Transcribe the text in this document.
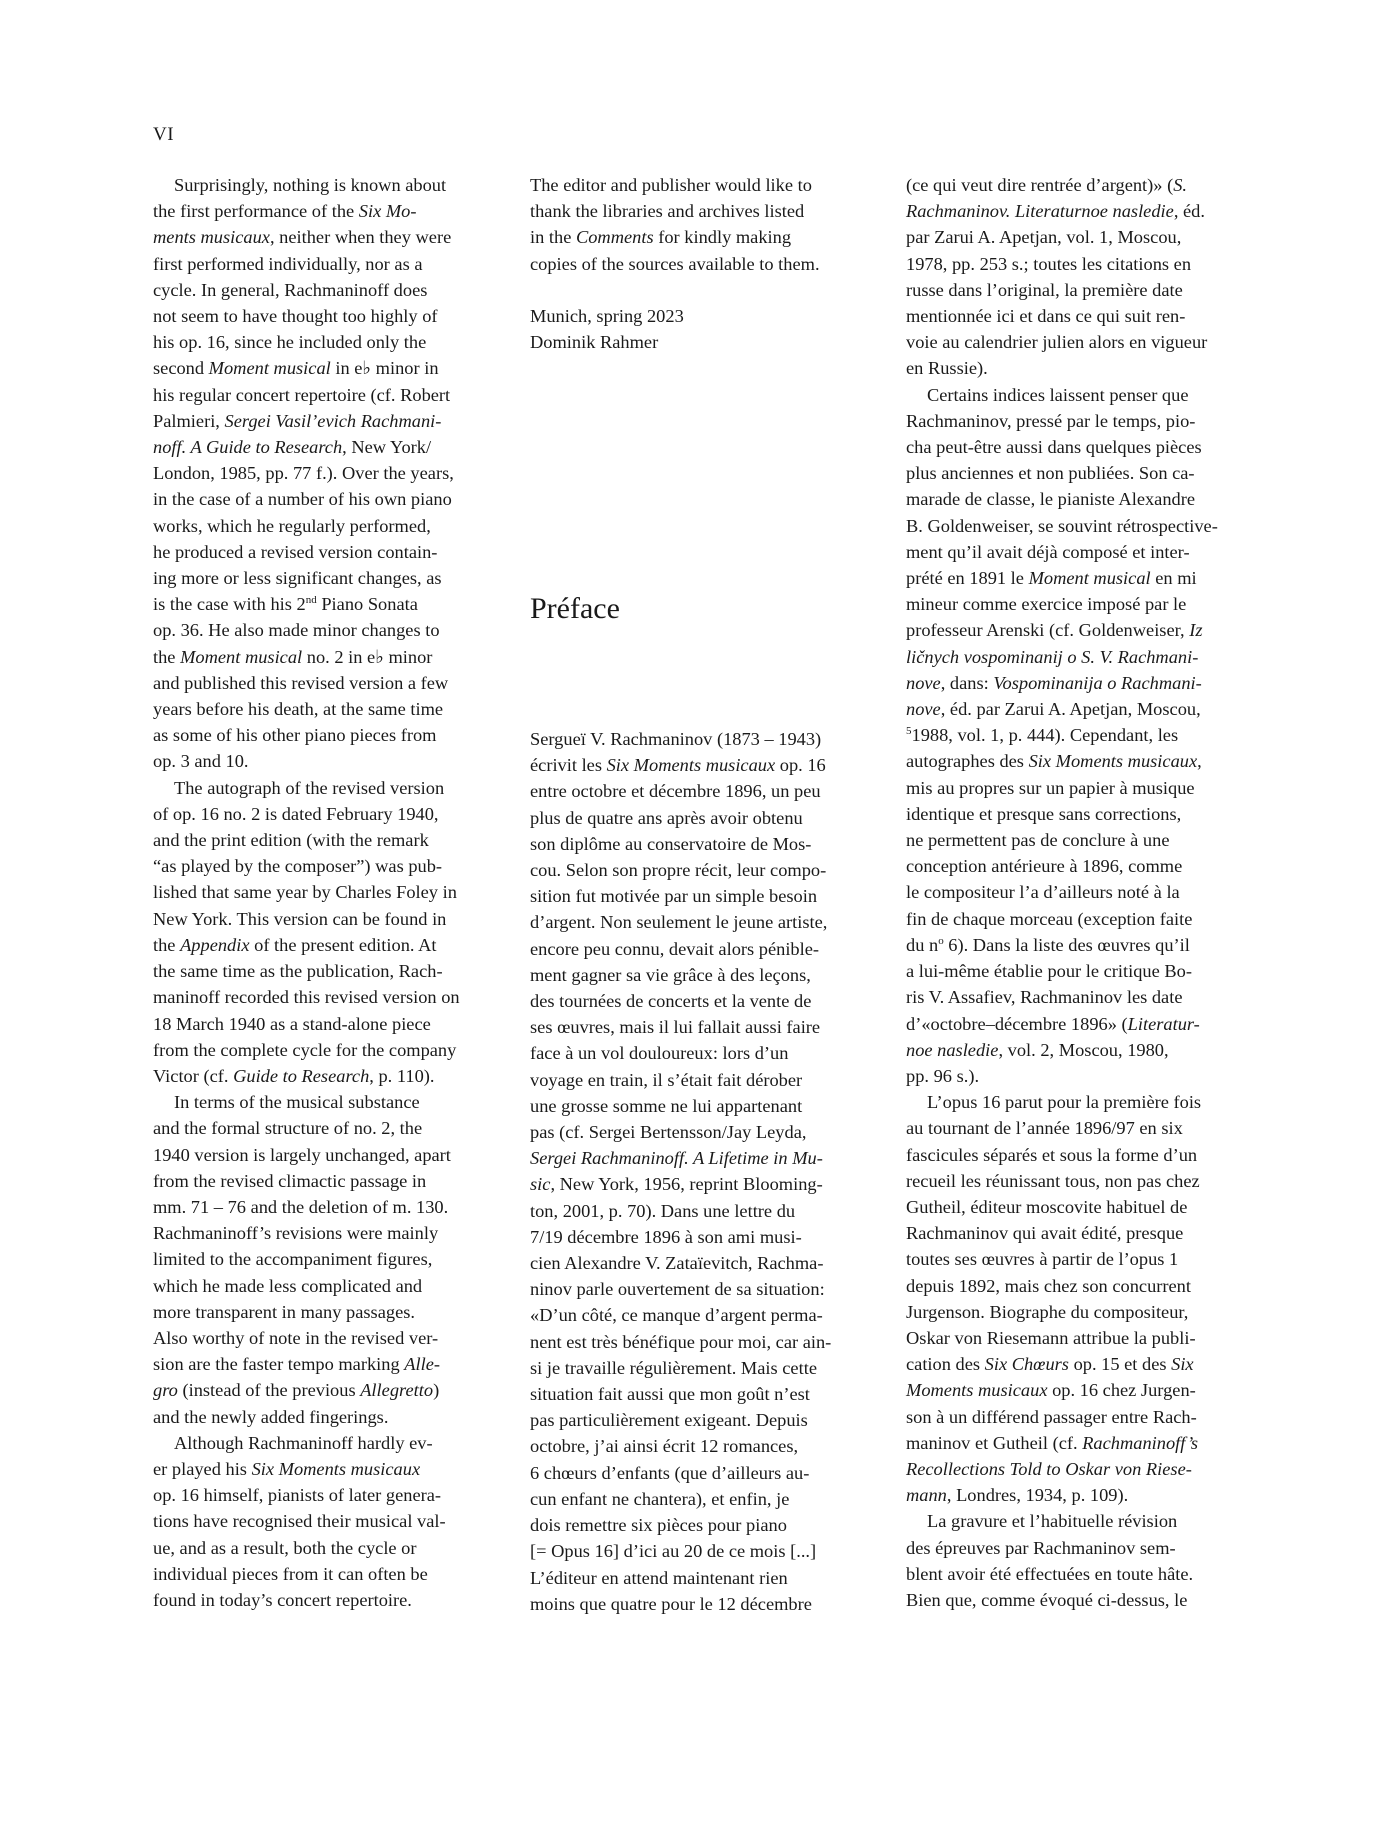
VI
Surprisingly, nothing is known about
the first performance of the Six Mo-
ments musicaux, neither when they were
first performed individually, nor as a
cycle. In general, Rachmaninoff does
not seem to have thought too highly of
his op. 16, since he included only the
second Moment musical in e♭ minor in
his regular concert repertoire (cf. Robert
Palmieri, Sergei Vasil’evich Rachmani-
noff. A Guide to Research, New York/
London, 1985, pp. 77 f.). Over the years,
in the case of a number of his own piano
works, which he regularly performed,
he produced a revised version contain-
ing more or less significant changes, as
is the case with his 2nd Piano Sonata
op. 36. He also made minor changes to
the Moment musical no. 2 in e♭ minor
and published this revised version a few
years before his death, at the same time
as some of his other piano pieces from
op. 3 and 10.
The autograph of the revised version
of op. 16 no. 2 is dated February 1940,
and the print edition (with the remark
“as played by the composer”) was pub-
lished that same year by Charles Foley in
New York. This version can be found in
the Appendix of the present edition. At
the same time as the publication, Rach-
maninoff recorded this revised version on
18 March 1940 as a stand-alone piece
from the complete cycle for the company
Victor (cf. Guide to Research, p. 110).
In terms of the musical substance
and the formal structure of no. 2, the
1940 version is largely unchanged, apart
from the revised climactic passage in
mm. 71 – 76 and the deletion of m. 130.
Rachmaninoff’s revisions were mainly
limited to the accompaniment figures,
which he made less complicated and
more transparent in many passages.
Also worthy of note in the revised ver-
sion are the faster tempo marking Alle-
gro (instead of the previous Allegretto)
and the newly added fingerings.
Although Rachmaninoff hardly ev-
er played his Six Moments musicaux
op. 16 himself, pianists of later genera-
tions have recognised their musical val-
ue, and as a result, both the cycle or
individual pieces from it can often be
found in today’s concert repertoire.
The editor and publisher would like to
thank the libraries and archives listed
in the Comments for kindly making
copies of the sources available to them.
Munich, spring 2023
Dominik Rahmer
Préface
Sergueï V. Rachmaninov (1873 – 1943)
écrivit les Six Moments musicaux op. 16
entre octobre et décembre 1896, un peu
plus de quatre ans après avoir obtenu
son diplôme au conservatoire de Mos-
cou. Selon son propre récit, leur compo-
sition fut motivée par un simple besoin
d’argent. Non seulement le jeune artiste,
encore peu connu, devait alors pénible-
ment gagner sa vie grâce à des leçons,
des tournées de concerts et la vente de
ses œuvres, mais il lui fallait aussi faire
face à un vol douloureux: lors d’un
voyage en train, il s’était fait dérober
une grosse somme ne lui appartenant
pas (cf. Sergei Bertensson/Jay Leyda,
Sergei Rachmaninoff. A Lifetime in Mu-
sic, New York, 1956, reprint Blooming-
ton, 2001, p. 70). Dans une lettre du
7/19 décembre 1896 à son ami musi-
cien Alexandre V. Zataïevitch, Rachma-
ninov parle ouvertement de sa situation:
«D’un côté, ce manque d’argent perma-
nent est très bénéfique pour moi, car ain-
si je travaille régulièrement. Mais cette
situation fait aussi que mon goût n’est
pas particulièrement exigeant. Depuis
octobre, j’ai ainsi écrit 12 romances,
6 chœurs d’enfants (que d’ailleurs au-
cun enfant ne chantera), et enfin, je
dois remettre six pièces pour piano
[= Opus 16] d’ici au 20 de ce mois [...]
L’éditeur en attend maintenant rien
moins que quatre pour le 12 décembre
(ce qui veut dire rentrée d’argent)» (S.
Rachmaninov. Literaturnoe nasledie, éd.
par Zarui A. Apetjan, vol. 1, Moscou,
1978, pp. 253 s.; toutes les citations en
russe dans l’original, la première date
mentionnée ici et dans ce qui suit ren-
voie au calendrier julien alors en vigueur
en Russie).
Certains indices laissent penser que
Rachmaninov, pressé par le temps, pio-
cha peut-être aussi dans quelques pièces
plus anciennes et non publiées. Son ca-
marade de classe, le pianiste Alexandre
B. Goldenweiser, se souvint rétrospective-
ment qu’il avait déjà composé et inter-
prété en 1891 le Moment musical en mi
mineur comme exercice imposé par le
professeur Arenski (cf. Goldenweiser, Iz
ličnych vospominanij o S. V. Rachmani-
nove, dans: Vospominanija o Rachmani-
nove, éd. par Zarui A. Apetjan, Moscou,
$^5$1988, vol. 1, p. 444). Cependant, les
autographes des Six Moments musicaux,
mis au propres sur un papier à musique
identique et presque sans corrections,
ne permettent pas de conclure à une
conception antérieure à 1896, comme
le compositeur l’a d’ailleurs noté à la
fin de chaque morceau (exception faite
du $n^o$ 6). Dans la liste des œuvres qu’il
a lui-même établie pour le critique Bo-
ris V. Assafiev, Rachmaninov les date
d’«octobre–décembre 1896» (Literatur-
noe nasledie, vol. 2, Moscou, 1980,
pp. 96 s.).
L’opus 16 parut pour la première fois
au tournant de l’année 1896/97 en six
fascicules séparés et sous la forme d’un
recueil les réunissant tous, non pas chez
Gutheil, éditeur moscovite habituel de
Rachmaninov qui avait édité, presque
toutes ses œuvres à partir de l’opus 1
depuis 1892, mais chez son concurrent
Jurgenson. Biographe du compositeur,
Oskar von Riesemann attribue la publi-
cation des Six Chœurs op. 15 et des Six
Moments musicaux op. 16 chez Jurgen-
son à un différend passager entre Rach-
maninov et Gutheil (cf. Rachmaninoff’s
Recollections Told to Oskar von Riese-
mann, Londres, 1934, p. 109).
La gravure et l’habituelle révision
des épreuves par Rachmaninov sem-
blent avoir été effectuées en toute hâte.
Bien que, comme évoqué ci-dessus, le
